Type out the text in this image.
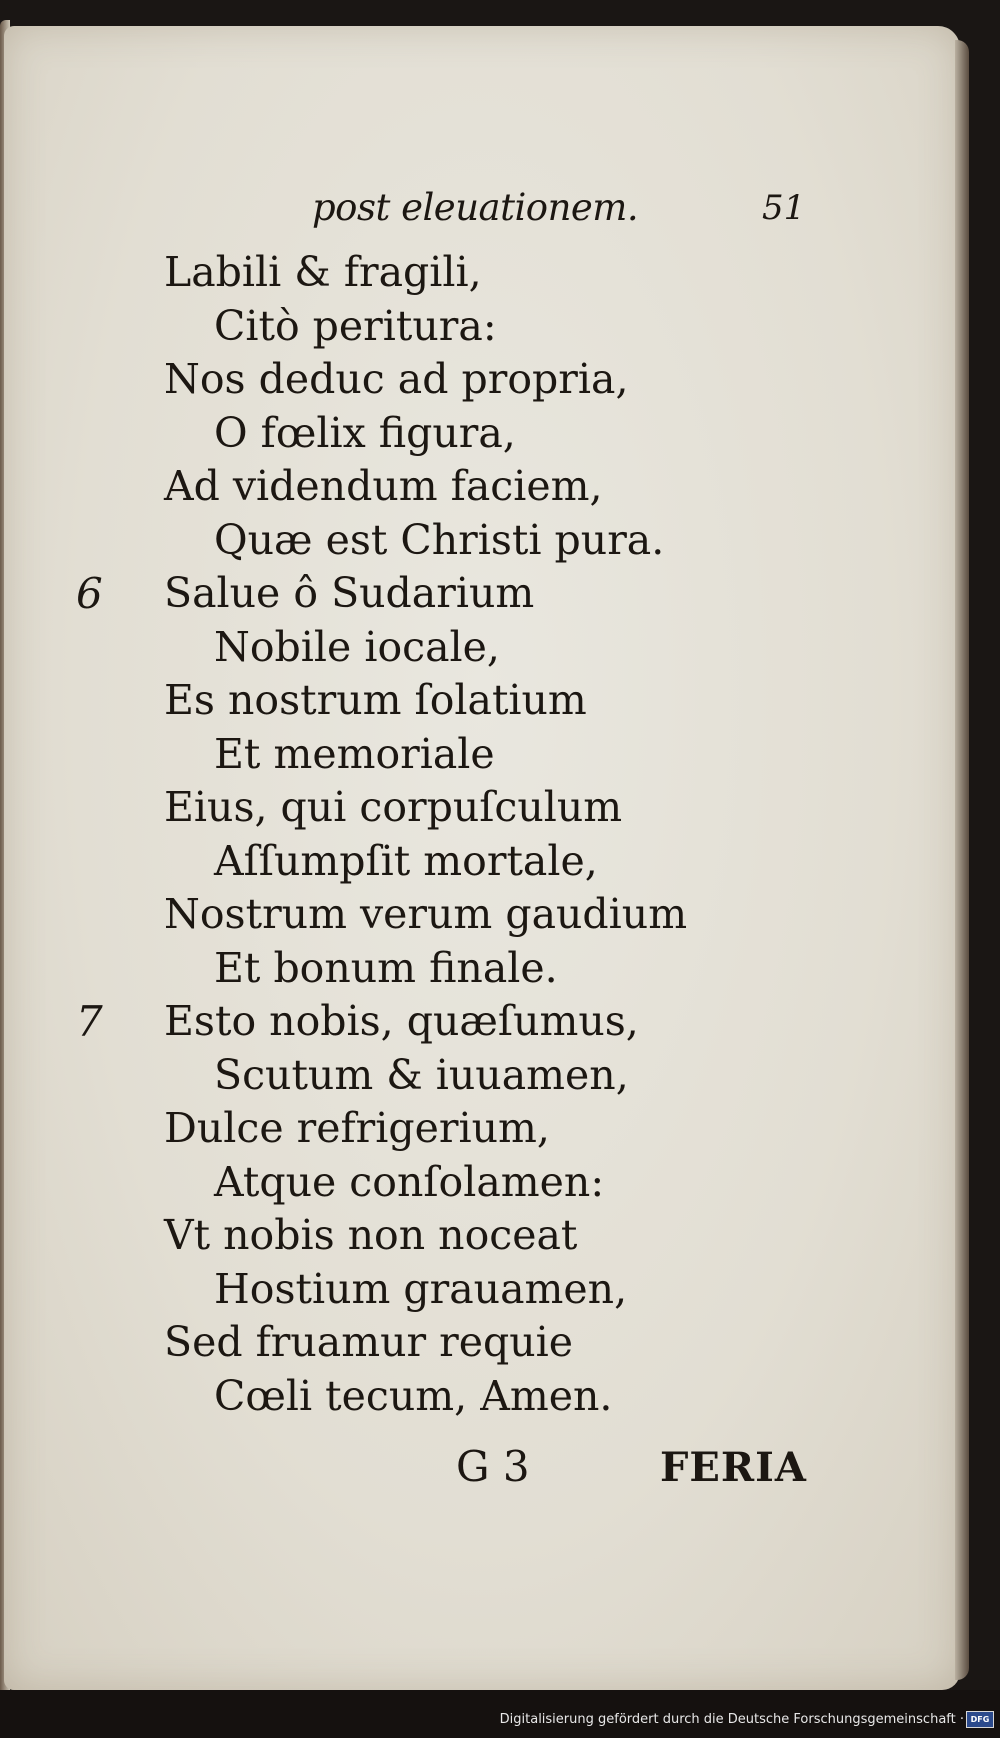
post eleuationem.	51
Labili & fragili,
Citò peritura:
Nos deduc ad propria,
O fœlix figura,
Ad videndum faciem,
Quæ est Christi pura.
6 Salue ô Sudarium
Nobile iocale,
Es nostrum ſolatium
Et memoriale
Eius, qui corpuſculum
Aſſumpſit mortale,
Nostrum verum gaudium
Et bonum finale.
7 Esto nobis, quæſumus,
Scutum & iuuamen,
Dulce refrigerium,
Atque conſolamen:
Vt nobis non noceat
Hostium grauamen,
Sed fruamur requie
Cœli tecum, Amen.
G 3	FERIA
Digitalisierung gefördert durch die Deutsche Forschungsgemeinschaft · DFG
